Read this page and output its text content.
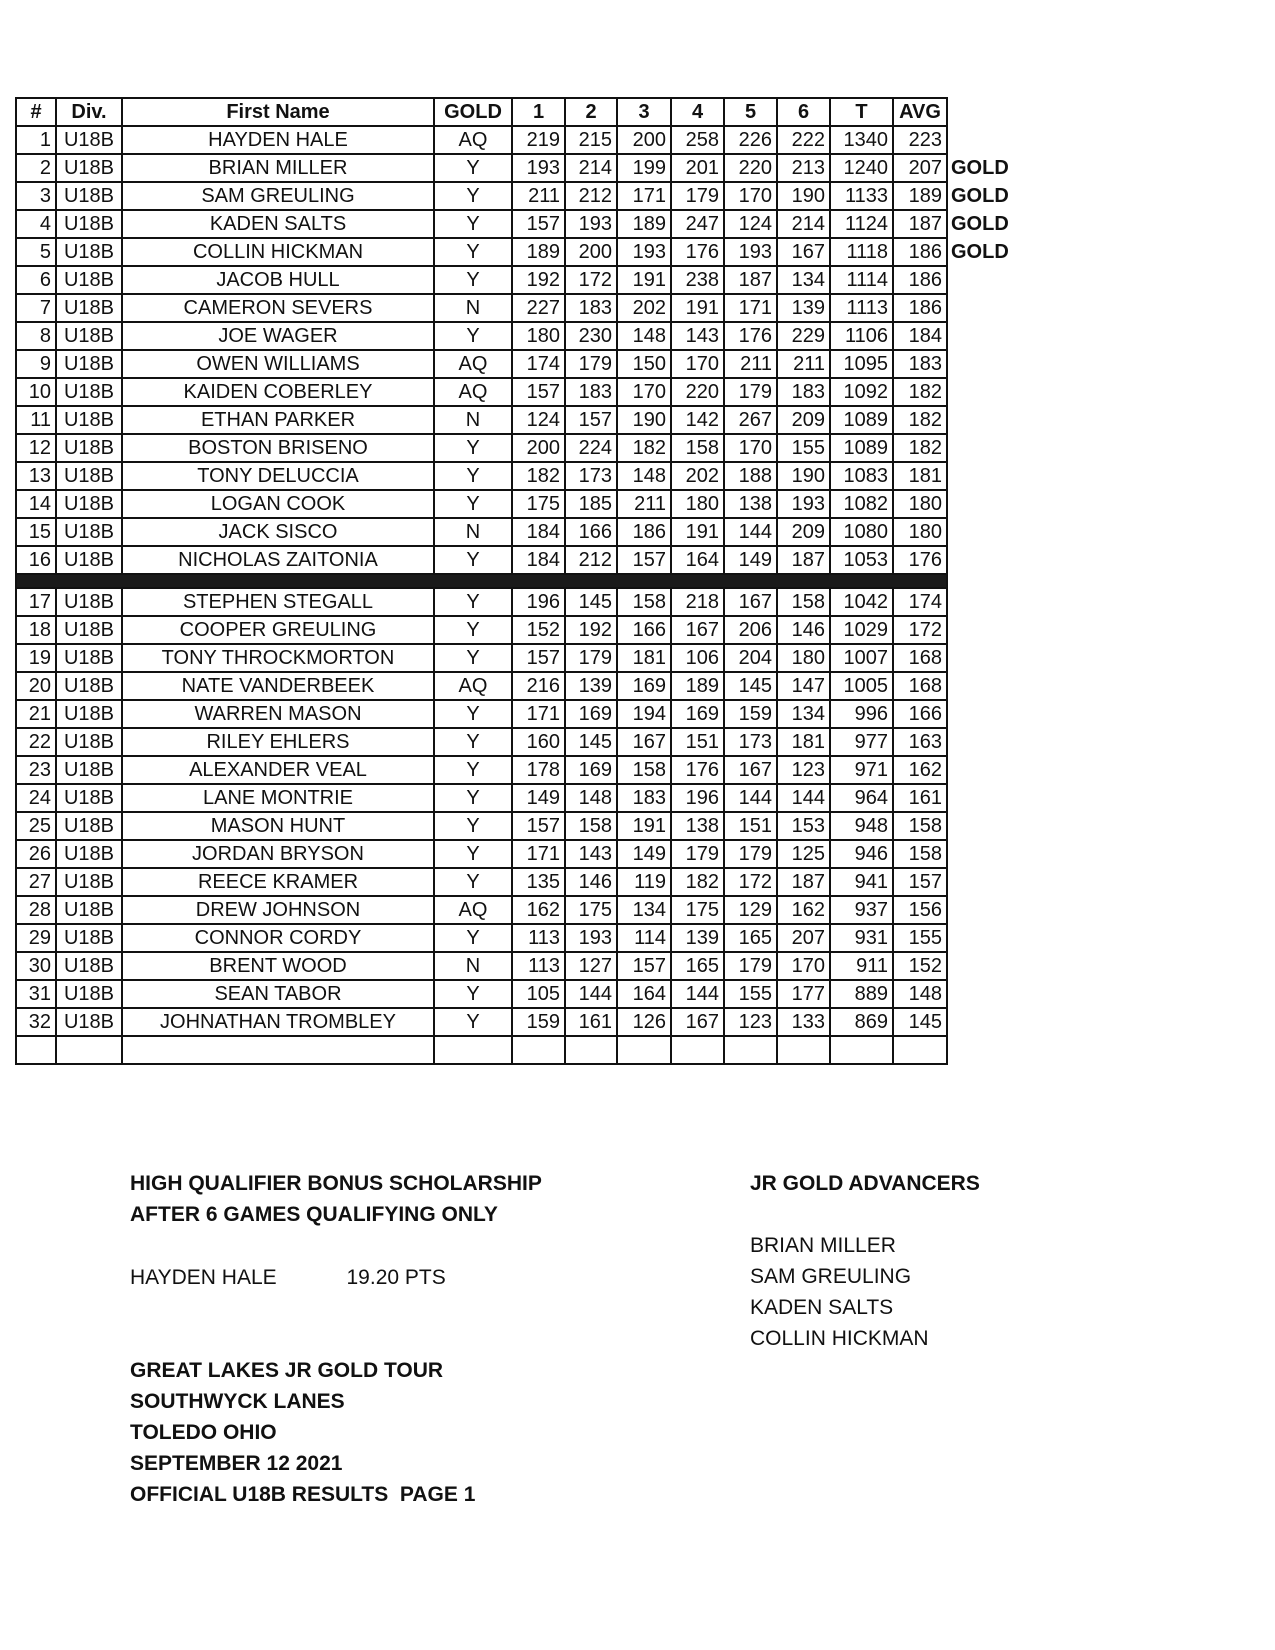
#	Div.	First Name	GOLD	1	2	3	4	5	6	T	AVG	
1	U18B	HAYDEN HALE	AQ	219	215	200	258	226	222	1340	223	
2	U18B	BRIAN MILLER	Y	193	214	199	201	220	213	1240	207	GOLD
3	U18B	SAM GREULING	Y	211	212	171	179	170	190	1133	189	GOLD
4	U18B	KADEN SALTS	Y	157	193	189	247	124	214	1124	187	GOLD
5	U18B	COLLIN HICKMAN	Y	189	200	193	176	193	167	1118	186	GOLD
6	U18B	JACOB HULL	Y	192	172	191	238	187	134	1114	186	
7	U18B	CAMERON SEVERS	N	227	183	202	191	171	139	1113	186	
8	U18B	JOE WAGER	Y	180	230	148	143	176	229	1106	184	
9	U18B	OWEN WILLIAMS	AQ	174	179	150	170	211	211	1095	183	
10	U18B	KAIDEN COBERLEY	AQ	157	183	170	220	179	183	1092	182	
11	U18B	ETHAN PARKER	N	124	157	190	142	267	209	1089	182	
12	U18B	BOSTON BRISENO	Y	200	224	182	158	170	155	1089	182	
13	U18B	TONY DELUCCIA	Y	182	173	148	202	188	190	1083	181	
14	U18B	LOGAN COOK	Y	175	185	211	180	138	193	1082	180	
15	U18B	JACK SISCO	N	184	166	186	191	144	209	1080	180	
16	U18B	NICHOLAS ZAITONIA	Y	184	212	157	164	149	187	1053	176	

17	U18B	STEPHEN STEGALL	Y	196	145	158	218	167	158	1042	174	
18	U18B	COOPER GREULING	Y	152	192	166	167	206	146	1029	172	
19	U18B	TONY THROCKMORTON	Y	157	179	181	106	204	180	1007	168	
20	U18B	NATE VANDERBEEK	AQ	216	139	169	189	145	147	1005	168	
21	U18B	WARREN MASON	Y	171	169	194	169	159	134	996	166	
22	U18B	RILEY EHLERS	Y	160	145	167	151	173	181	977	163	
23	U18B	ALEXANDER VEAL	Y	178	169	158	176	167	123	971	162	
24	U18B	LANE MONTRIE	Y	149	148	183	196	144	144	964	161	
25	U18B	MASON HUNT	Y	157	158	191	138	151	153	948	158	
26	U18B	JORDAN BRYSON	Y	171	143	149	179	179	125	946	158	
27	U18B	REECE KRAMER	Y	135	146	119	182	172	187	941	157	
28	U18B	DREW JOHNSON	AQ	162	175	134	175	129	162	937	156	
29	U18B	CONNOR CORDY	Y	113	193	114	139	165	207	931	155	
30	U18B	BRENT WOOD	N	113	127	157	165	179	170	911	152	
31	U18B	SEAN TABOR	Y	105	144	164	144	155	177	889	148	
32	U18B	JOHNATHAN TROMBLEY	Y	159	161	126	167	123	133	869	145	

HIGH QUALIFIER BONUS SCHOLARSHIP
AFTER 6 GAMES QUALIFYING ONLY
HAYDEN HALE	19.20 PTS
JR GOLD ADVANCERS
BRIAN MILLER
SAM GREULING
KADEN SALTS
COLLIN HICKMAN
GREAT LAKES JR GOLD TOUR
SOUTHWYCK LANES
TOLEDO OHIO
SEPTEMBER 12 2021
OFFICIAL U18B RESULTS  PAGE 1
